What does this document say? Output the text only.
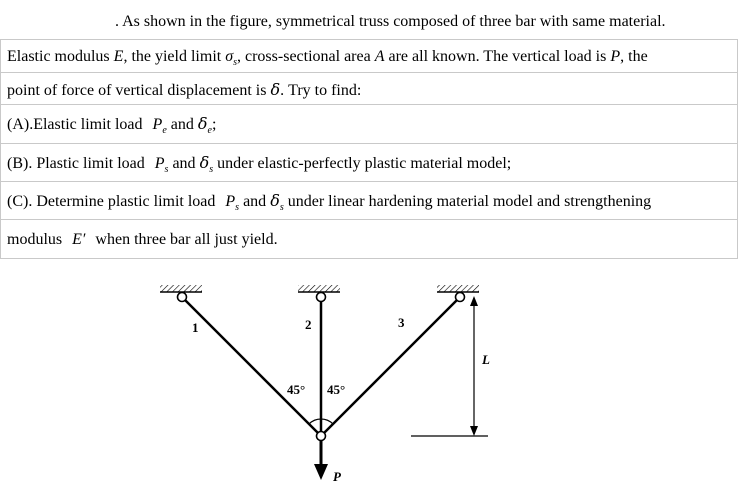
. As shown in the figure, symmetrical truss composed of three bar with same material.
Elastic modulus E, the yield limit $\sigma_s$, cross-sectional area A are all known. The vertical load is P, the
point of force of vertical displacement is δ. Try to find:
(A).Elastic limit load $P_e$ and $\delta_e$;
(B). Plastic limit load $P_s$ and $\delta_s$ under elastic-perfectly plastic material model;
(C). Determine plastic limit load $P_s$ and $\delta_s$ under linear hardening material model and strengthening
modulus E′ when three bar all just yield.
1	2	3
45° 45°
L
P
